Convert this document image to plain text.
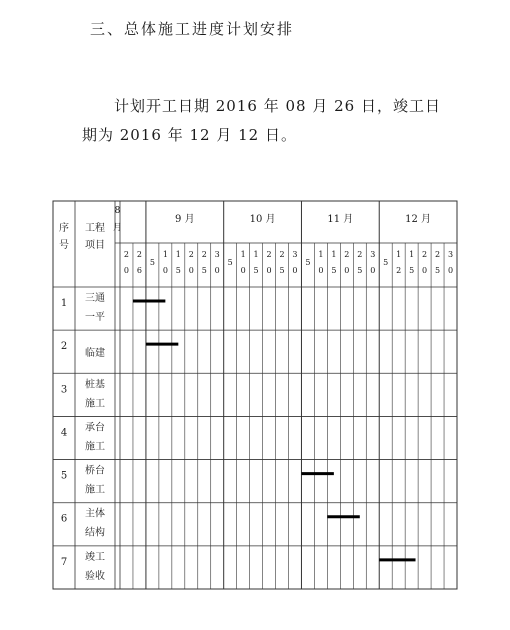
三、总体施工进度计划安排
计划开工日期 2016 年 08 月 26 日，竣工日
期为 2016 年 12 月 12 日。
序
号
工程
项目
8
月
2
0
2
6
9 月
5
1
0
1
5
2
0
2
5
3
0
10 月
5
1
0
1
5
2
0
2
5
3
0
11 月
5
1
0
1
5
2
0
2
5
3
0
12 月
5
1
2
1
5
2
0
2
5
3
0
1 三通
一平
2
临建
3 桩基
施工
4 承台
施工
5 桥台
施工
6 主体
结构
7 竣工
验收
